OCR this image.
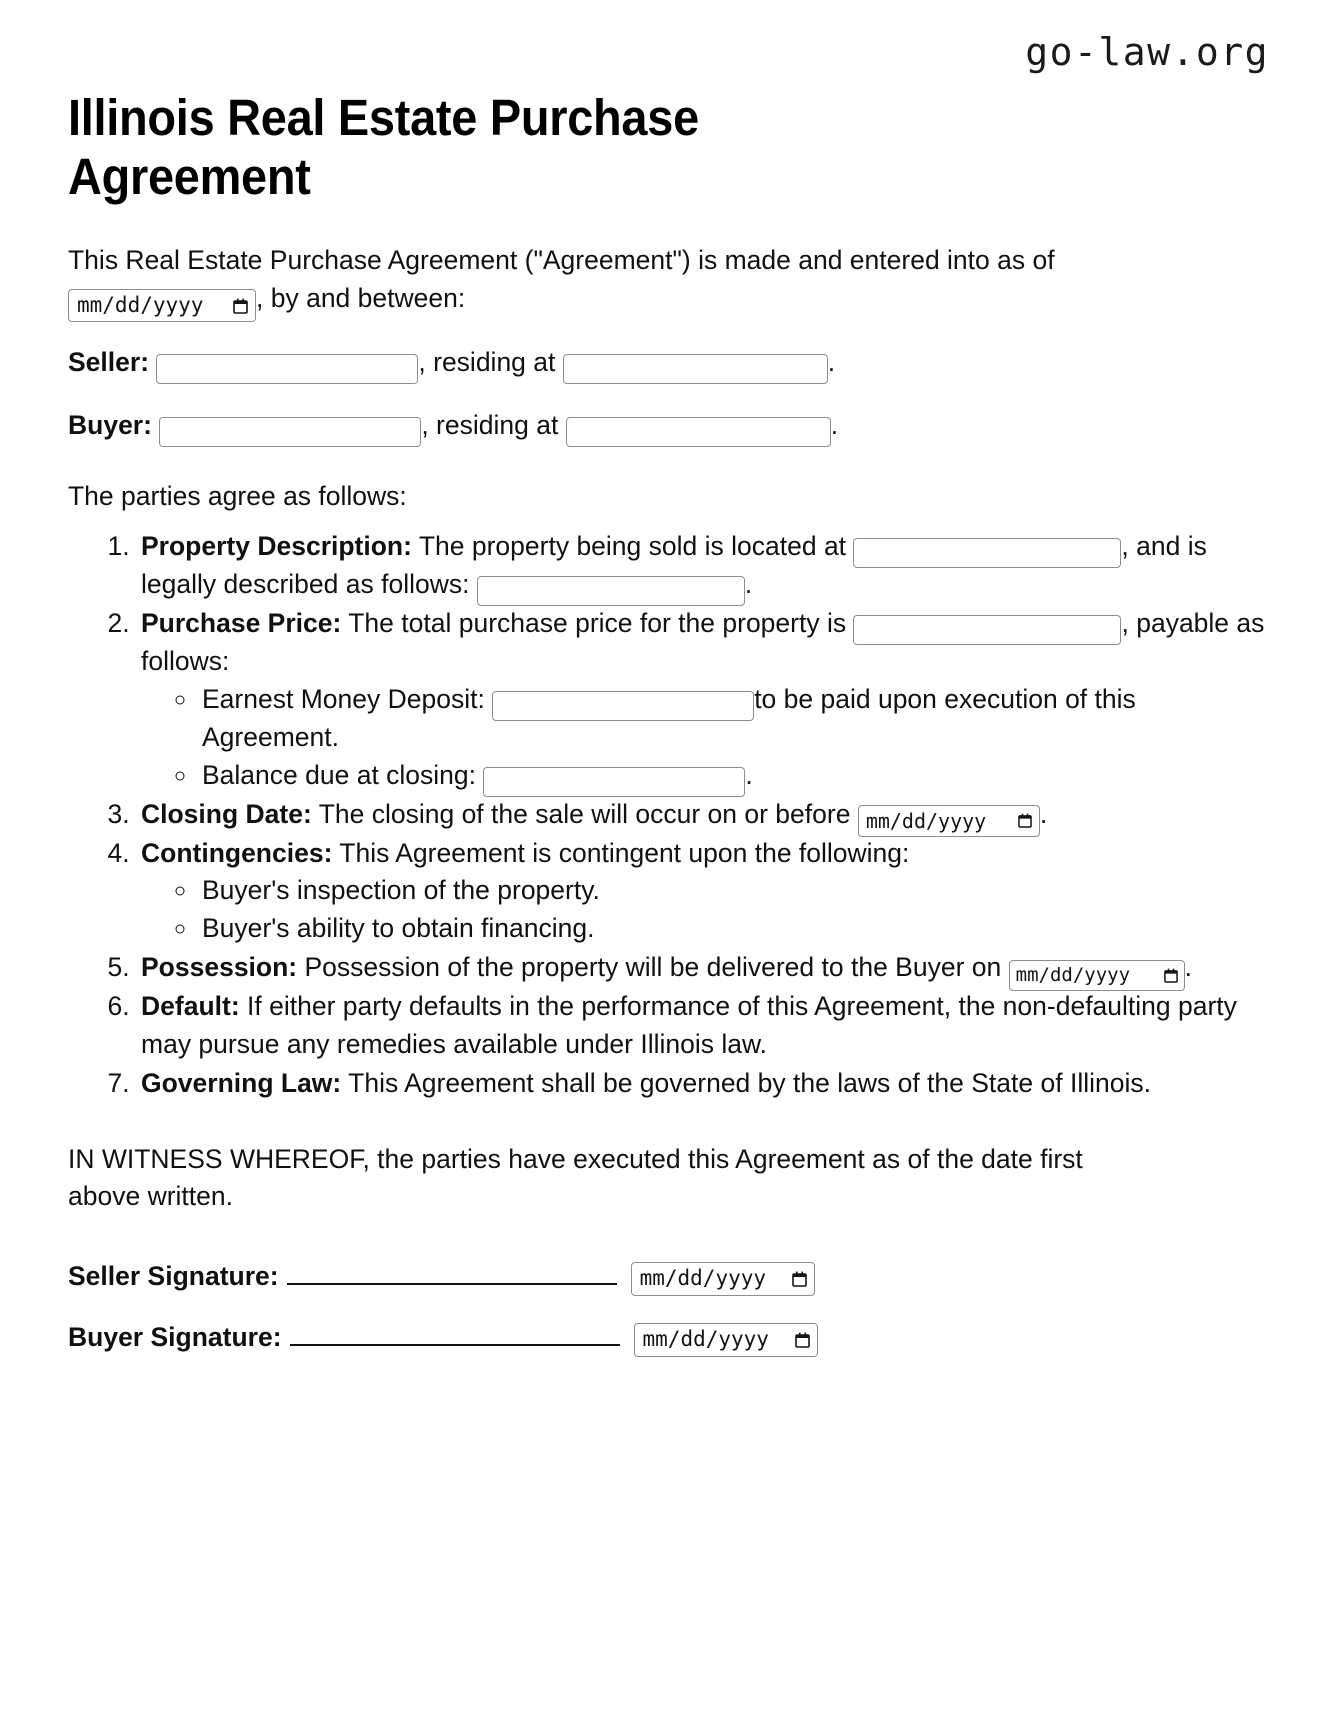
go-law.org
Illinois Real Estate Purchase Agreement

This Real Estate Purchase Agreement ("Agreement") is made and entered into as of

mm/dd/yyyy , by and between:

Seller:	, residing at	.

Buyer:	, residing at	.

The parties agree as follows:

1. Property Description: The property being sold is located at	, and is legally described as follows:	.
2. Purchase Price: The total purchase price for the property is	, payable as follows:
◦ Earnest Money Deposit:	to be paid upon execution of this Agreement.
◦ Balance due at closing:	.
3. Closing Date: The closing of the sale will occur on or before mm/dd/yyyy .
4. Contingencies: This Agreement is contingent upon the following:
◦ Buyer's inspection of the property.
◦ Buyer's ability to obtain financing.
5. Possession: Possession of the property will be delivered to the Buyer on mm/dd/yyyy .
6. Default: If either party defaults in the performance of this Agreement, the non-defaulting party may pursue any remedies available under Illinois law.
7. Governing Law: This Agreement shall be governed by the laws of the State of Illinois.

IN WITNESS WHEREOF, the parties have executed this Agreement as of the date first above written.

Seller Signature:	mm/dd/yyyy
Buyer Signature:	mm/dd/yyyy
